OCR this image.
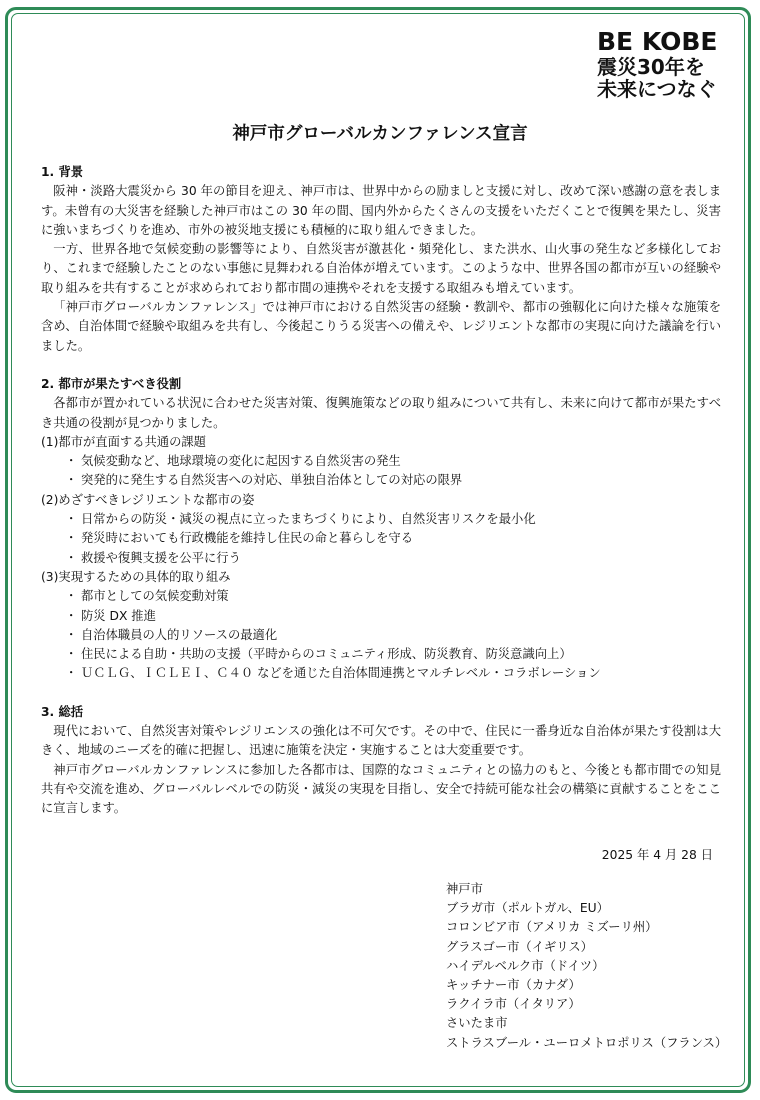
BE KOBE
震災30年を
未来につなぐ
神戸市グローバルカンファレンス宣言

1. 背景

阪神・淡路大震災から 30 年の節目を迎え、神戸市は、世界中からの励ましと支援に対し、改めて深い感謝の意を表します。未曾有の大災害を経験した神戸市はこの 30 年の間、国内外からたくさんの支援をいただくことで復興を果たし、災害に強いまちづくりを進め、市外の被災地支援にも積極的に取り組んできました。

一方、世界各地で気候変動の影響等により、自然災害が激甚化・頻発化し、また洪水、山火事の発生など多様化しており、これまで経験したことのない事態に見舞われる自治体が増えています。このような中、世界各国の都市が互いの経験や取り組みを共有することが求められており都市間の連携やそれを支援する取組みも増えています。

「神戸市グローバルカンファレンス」では神戸市における自然災害の経験・教訓や、都市の強靱化に向けた様々な施策を含め、自治体間で経験や取組みを共有し、今後起こりうる災害への備えや、レジリエントな都市の実現に向けた議論を行いました。

2. 都市が果たすべき役割

各都市が置かれている状況に合わせた災害対策、復興施策などの取り組みについて共有し、未来に向けて都市が果たすべき共通の役割が見つかりました。

(1)都市が直面する共通の課題

・ 気候変動など、地球環境の変化に起因する自然災害の発生

・ 突発的に発生する自然災害への対応、単独自治体としての対応の限界

(2)めざすべきレジリエントな都市の姿

・ 日常からの防災・減災の視点に立ったまちづくりにより、自然災害リスクを最小化

・ 発災時においても行政機能を維持し住民の命と暮らしを守る

・ 救援や復興支援を公平に行う

(3)実現するための具体的取り組み

・ 都市としての気候変動対策

・ 防災 DX 推進

・ 自治体職員の人的リソースの最適化

・ 住民による自助・共助の支援（平時からのコミュニティ形成、防災教育、防災意識向上）

・ ＵＣＬＧ、ＩＣＬＥＩ、Ｃ４０ などを通じた自治体間連携とマルチレベル・コラボレーション

3. 総括

現代において、自然災害対策やレジリエンスの強化は不可欠です。その中で、住民に一番身近な自治体が果たす役割は大きく、地域のニーズを的確に把握し、迅速に施策を決定・実施することは大変重要です。

神戸市グローバルカンファレンスに参加した各都市は、国際的なコミュニティとの協力のもと、今後とも都市間での知見共有や交流を進め、グローバルレベルでの防災・減災の実現を目指し、安全で持続可能な社会の構築に貢献することをここに宣言します。

2025 年 4 月 28 日
神戸市
ブラガ市（ポルトガル、EU）
コロンビア市（アメリカ ミズーリ州）
グラスゴー市（イギリス）
ハイデルベルク市（ドイツ）
キッチナー市（カナダ）
ラクイラ市（イタリア）
さいたま市
ストラスブール・ユーロメトロポリス（フランス）
